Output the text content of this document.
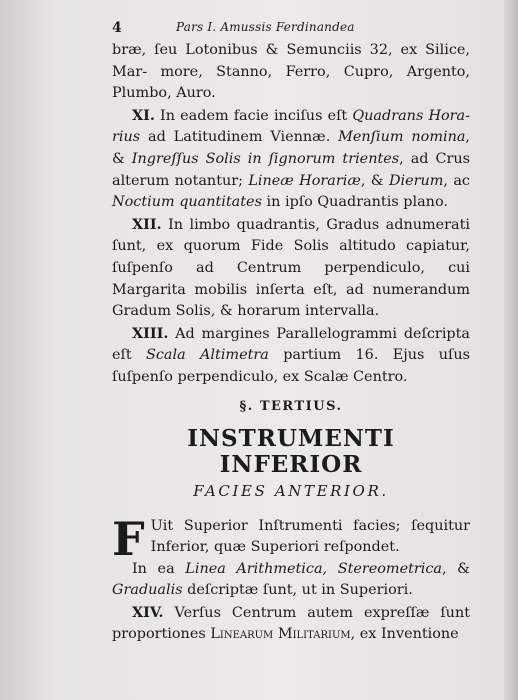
4	Pars I. Amussis Ferdinandea

bræ, ſeu Lotonibus & Semunciis 32, ex Silice, Mar- more, Stanno, Ferro, Cupro, Argento, Plumbo, Auro.

XI. In eadem facie inciſus eſt Quadrans Hora-rius ad Latitudinem Viennæ. Menſium nomina, & Ingreſſus Solis in ſignorum trientes, ad Crus alterum notantur; Lineæ Horariæ, & Dierum, ac Noctium quantitates in ipſo Quadrantis plano.

XII. In limbo quadrantis, Gradus adnumerati ſunt, ex quorum Fide Solis altitudo capiatur, ſuſpenſo ad Centrum perpendiculo, cui Margarita mobilis inſerta eſt, ad numerandum Gradum Solis, & horarum intervalla.

XIII. Ad margines Parallelogrammi deſcripta eſt Scala Altimetra partium 16. Ejus uſus ſuſpenſo perpendiculo, ex Scalæ Centro.

§. TERTIUS.
INSTRUMENTI INFERIOR
FACIES ANTERIOR.
F Uit Superior Inſtrumenti facies; ſequitur Inferior, quæ Superiori reſpondet.

In ea Linea Arithmetica, Stereometrica, & Gradualis deſcriptæ ſunt, ut in Superiori.

XIV. Verſus Centrum autem expreſſæ ſunt proportiones Linearum Militarium, ex Inventione
